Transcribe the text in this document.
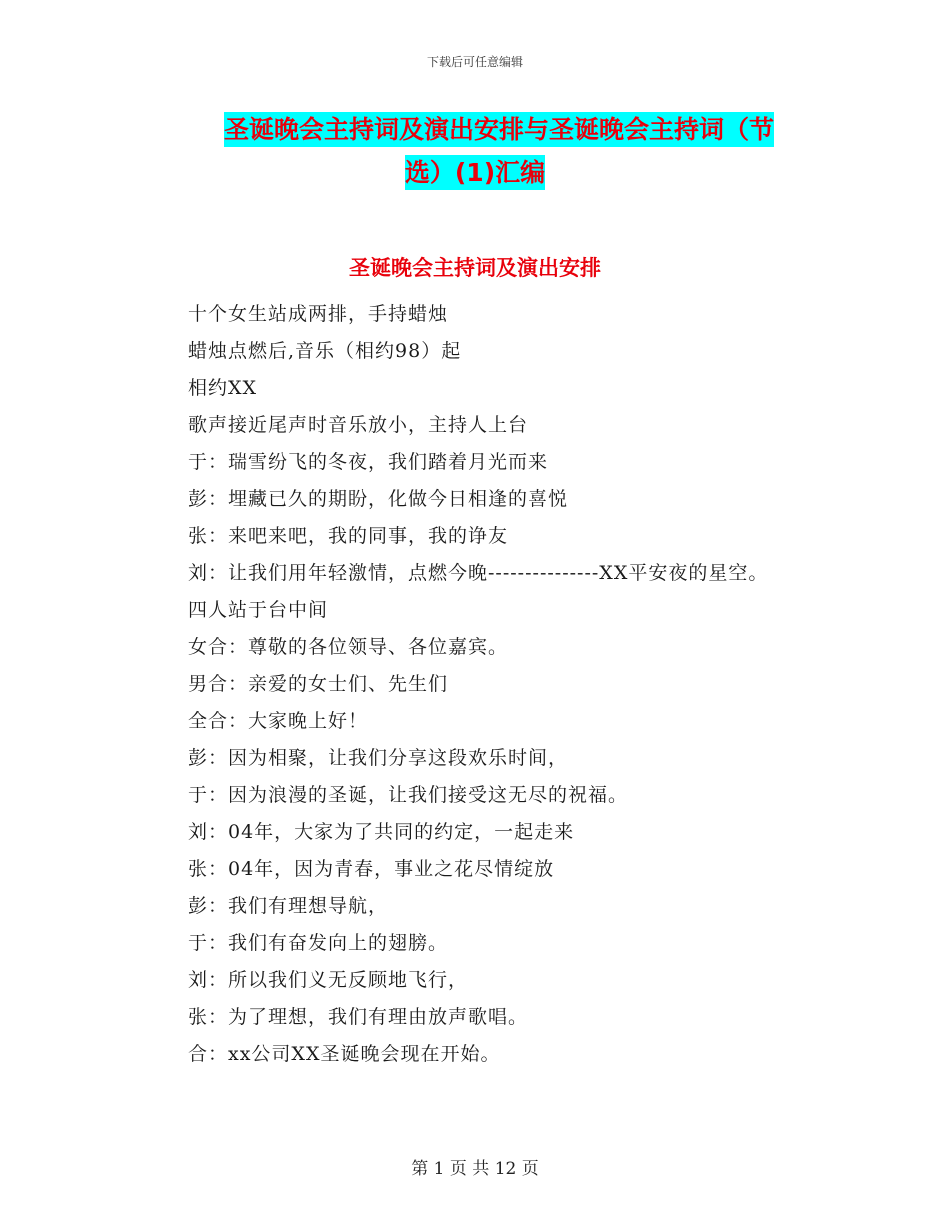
下载后可任意编辑
圣诞晚会主持词及演出安排与圣诞晚会主持词（节
选）(1)汇编
圣诞晚会主持词及演出安排

十个女生站成两排，手持蜡烛

蜡烛点燃后,音乐（相约98）起

相约XX

歌声接近尾声时音乐放小，主持人上台

于：瑞雪纷飞的冬夜，我们踏着月光而来

彭：埋藏已久的期盼，化做今日相逢的喜悦

张：来吧来吧，我的同事，我的诤友

刘：让我们用年轻激情，点燃今晚---------------XX平安夜的星空。

四人站于台中间

女合：尊敬的各位领导、各位嘉宾。

男合：亲爱的女士们、先生们

全合：大家晚上好！

彭：因为相聚，让我们分享这段欢乐时间，

于：因为浪漫的圣诞，让我们接受这无尽的祝福。

刘：04年，大家为了共同的约定，一起走来

张：04年，因为青春，事业之花尽情绽放

彭：我们有理想导航，

于：我们有奋发向上的翅膀。

刘：所以我们义无反顾地飞行，

张：为了理想，我们有理由放声歌唱。

合：xx公司XX圣诞晚会现在开始。

第 1 页 共 12 页
